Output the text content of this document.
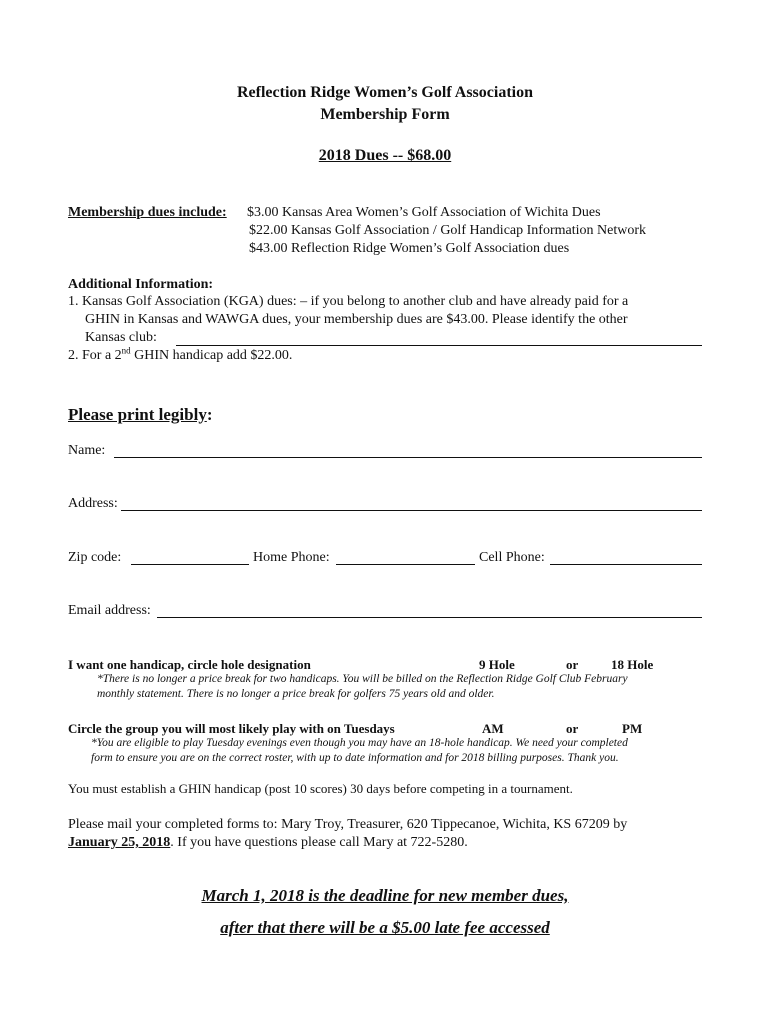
Reflection Ridge Women’s Golf Association
Membership Form
2018 Dues -- $68.00
Membership dues include: $3.00 Kansas Area Women’s Golf Association of Wichita Dues
$22.00 Kansas Golf Association / Golf Handicap Information Network
$43.00 Reflection Ridge Women’s Golf Association dues
Additional Information:
1. Kansas Golf Association (KGA) dues: – if you belong to another club and have already paid for a
GHIN in Kansas and WAWGA dues, your membership dues are $43.00. Please identify the other
Kansas club:
2. For a 2nd GHIN handicap add $22.00.
Please print legibly:
Name:
Address:
Zip code:	Home Phone:	Cell Phone:
Email address:
I want one handicap, circle hole designation	9 Hole	or	18 Hole
*There is no longer a price break for two handicaps. You will be billed on the Reflection Ridge Golf Club February
monthly statement. There is no longer a price break for golfers 75 years old and older.
Circle the group you will most likely play with on Tuesdays	AM	or	PM
*You are eligible to play Tuesday evenings even though you may have an 18-hole handicap. We need your completed
form to ensure you are on the correct roster, with up to date information and for 2018 billing purposes. Thank you.
You must establish a GHIN handicap (post 10 scores) 30 days before competing in a tournament.
Please mail your completed forms to: Mary Troy, Treasurer, 620 Tippecanoe, Wichita, KS 67209 by
January 25, 2018. If you have questions please call Mary at 722-5280.
March 1, 2018 is the deadline for new member dues,
after that there will be a $5.00 late fee accessed
